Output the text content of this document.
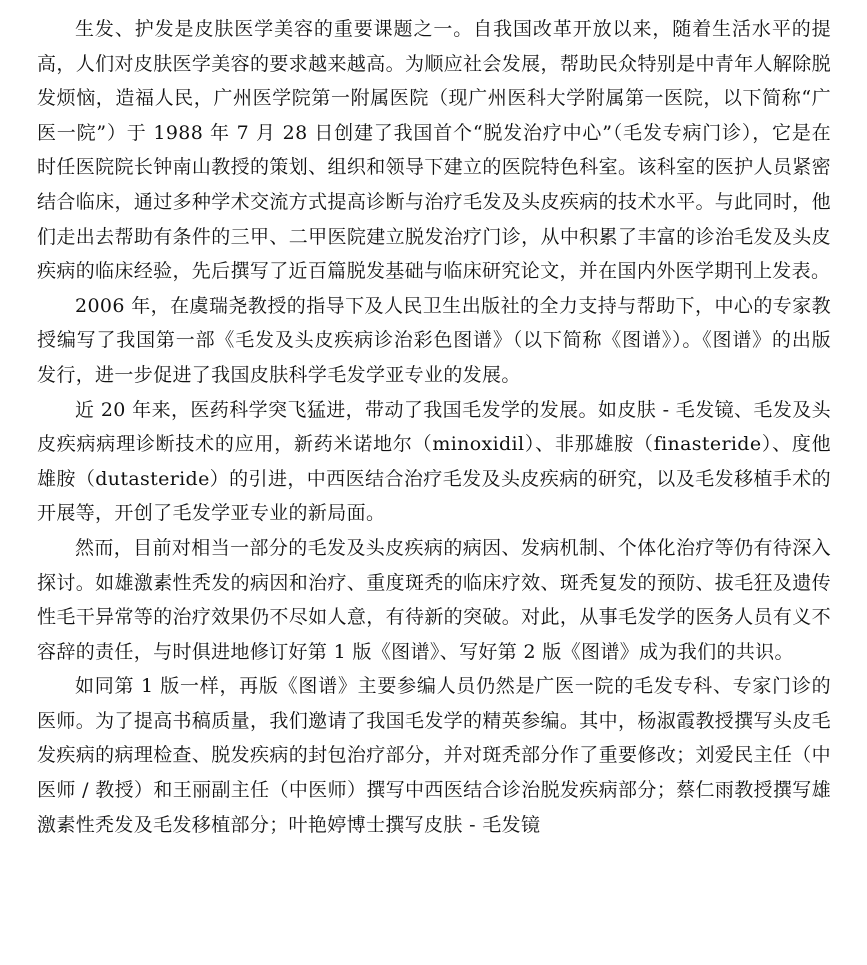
生发、护发是皮肤医学美容的重要课题之一。自我国改革开放以来，随着生活水平的提高，人们对皮肤医学美容的要求越来越高。为顺应社会发展，帮助民众特别是中青年人解除脱发烦恼，造福人民，广州医学院第一附属医院（现广州医科大学附属第一医院，以下简称“广医一院”）于 1988 年 7 月 28 日创建了我国首个“脱发治疗中心”（毛发专病门诊），它是在时任医院院长钟南山教授的策划、组织和领导下建立的医院特色科室。该科室的医护人员紧密结合临床，通过多种学术交流方式提高诊断与治疗毛发及头皮疾病的技术水平。与此同时，他们走出去帮助有条件的三甲、二甲医院建立脱发治疗门诊，从中积累了丰富的诊治毛发及头皮疾病的临床经验，先后撰写了近百篇脱发基础与临床研究论文，并在国内外医学期刊上发表。

2006 年，在虞瑞尧教授的指导下及人民卫生出版社的全力支持与帮助下，中心的专家教授编写了我国第一部《毛发及头皮疾病诊治彩色图谱》（以下简称《图谱》）。《图谱》的出版发行，进一步促进了我国皮肤科学毛发学亚专业的发展。

近 20 年来，医药科学突飞猛进，带动了我国毛发学的发展。如皮肤 - 毛发镜、毛发及头皮疾病病理诊断技术的应用，新药米诺地尔（minoxidil）、非那雄胺（finasteride）、度他雄胺（dutasteride）的引进，中西医结合治疗毛发及头皮疾病的研究，以及毛发移植手术的开展等，开创了毛发学亚专业的新局面。

然而，目前对相当一部分的毛发及头皮疾病的病因、发病机制、个体化治疗等仍有待深入探讨。如雄激素性秃发的病因和治疗、重度斑秃的临床疗效、斑秃复发的预防、拔毛狂及遗传性毛干异常等的治疗效果仍不尽如人意，有待新的突破。对此，从事毛发学的医务人员有义不容辞的责任，与时俱进地修订好第 1 版《图谱》、写好第 2 版《图谱》成为我们的共识。

如同第 1 版一样，再版《图谱》主要参编人员仍然是广医一院的毛发专科、专家门诊的医师。为了提高书稿质量，我们邀请了我国毛发学的精英参编。其中，杨淑霞教授撰写头皮毛发疾病的病理检查、脱发疾病的封包治疗部分，并对斑秃部分作了重要修改；刘爱民主任（中医师 / 教授）和王丽副主任（中医师）撰写中西医结合诊治脱发疾病部分；蔡仁雨教授撰写雄激素性秃发及毛发移植部分；叶艳婷博士撰写皮肤 - 毛发镜
